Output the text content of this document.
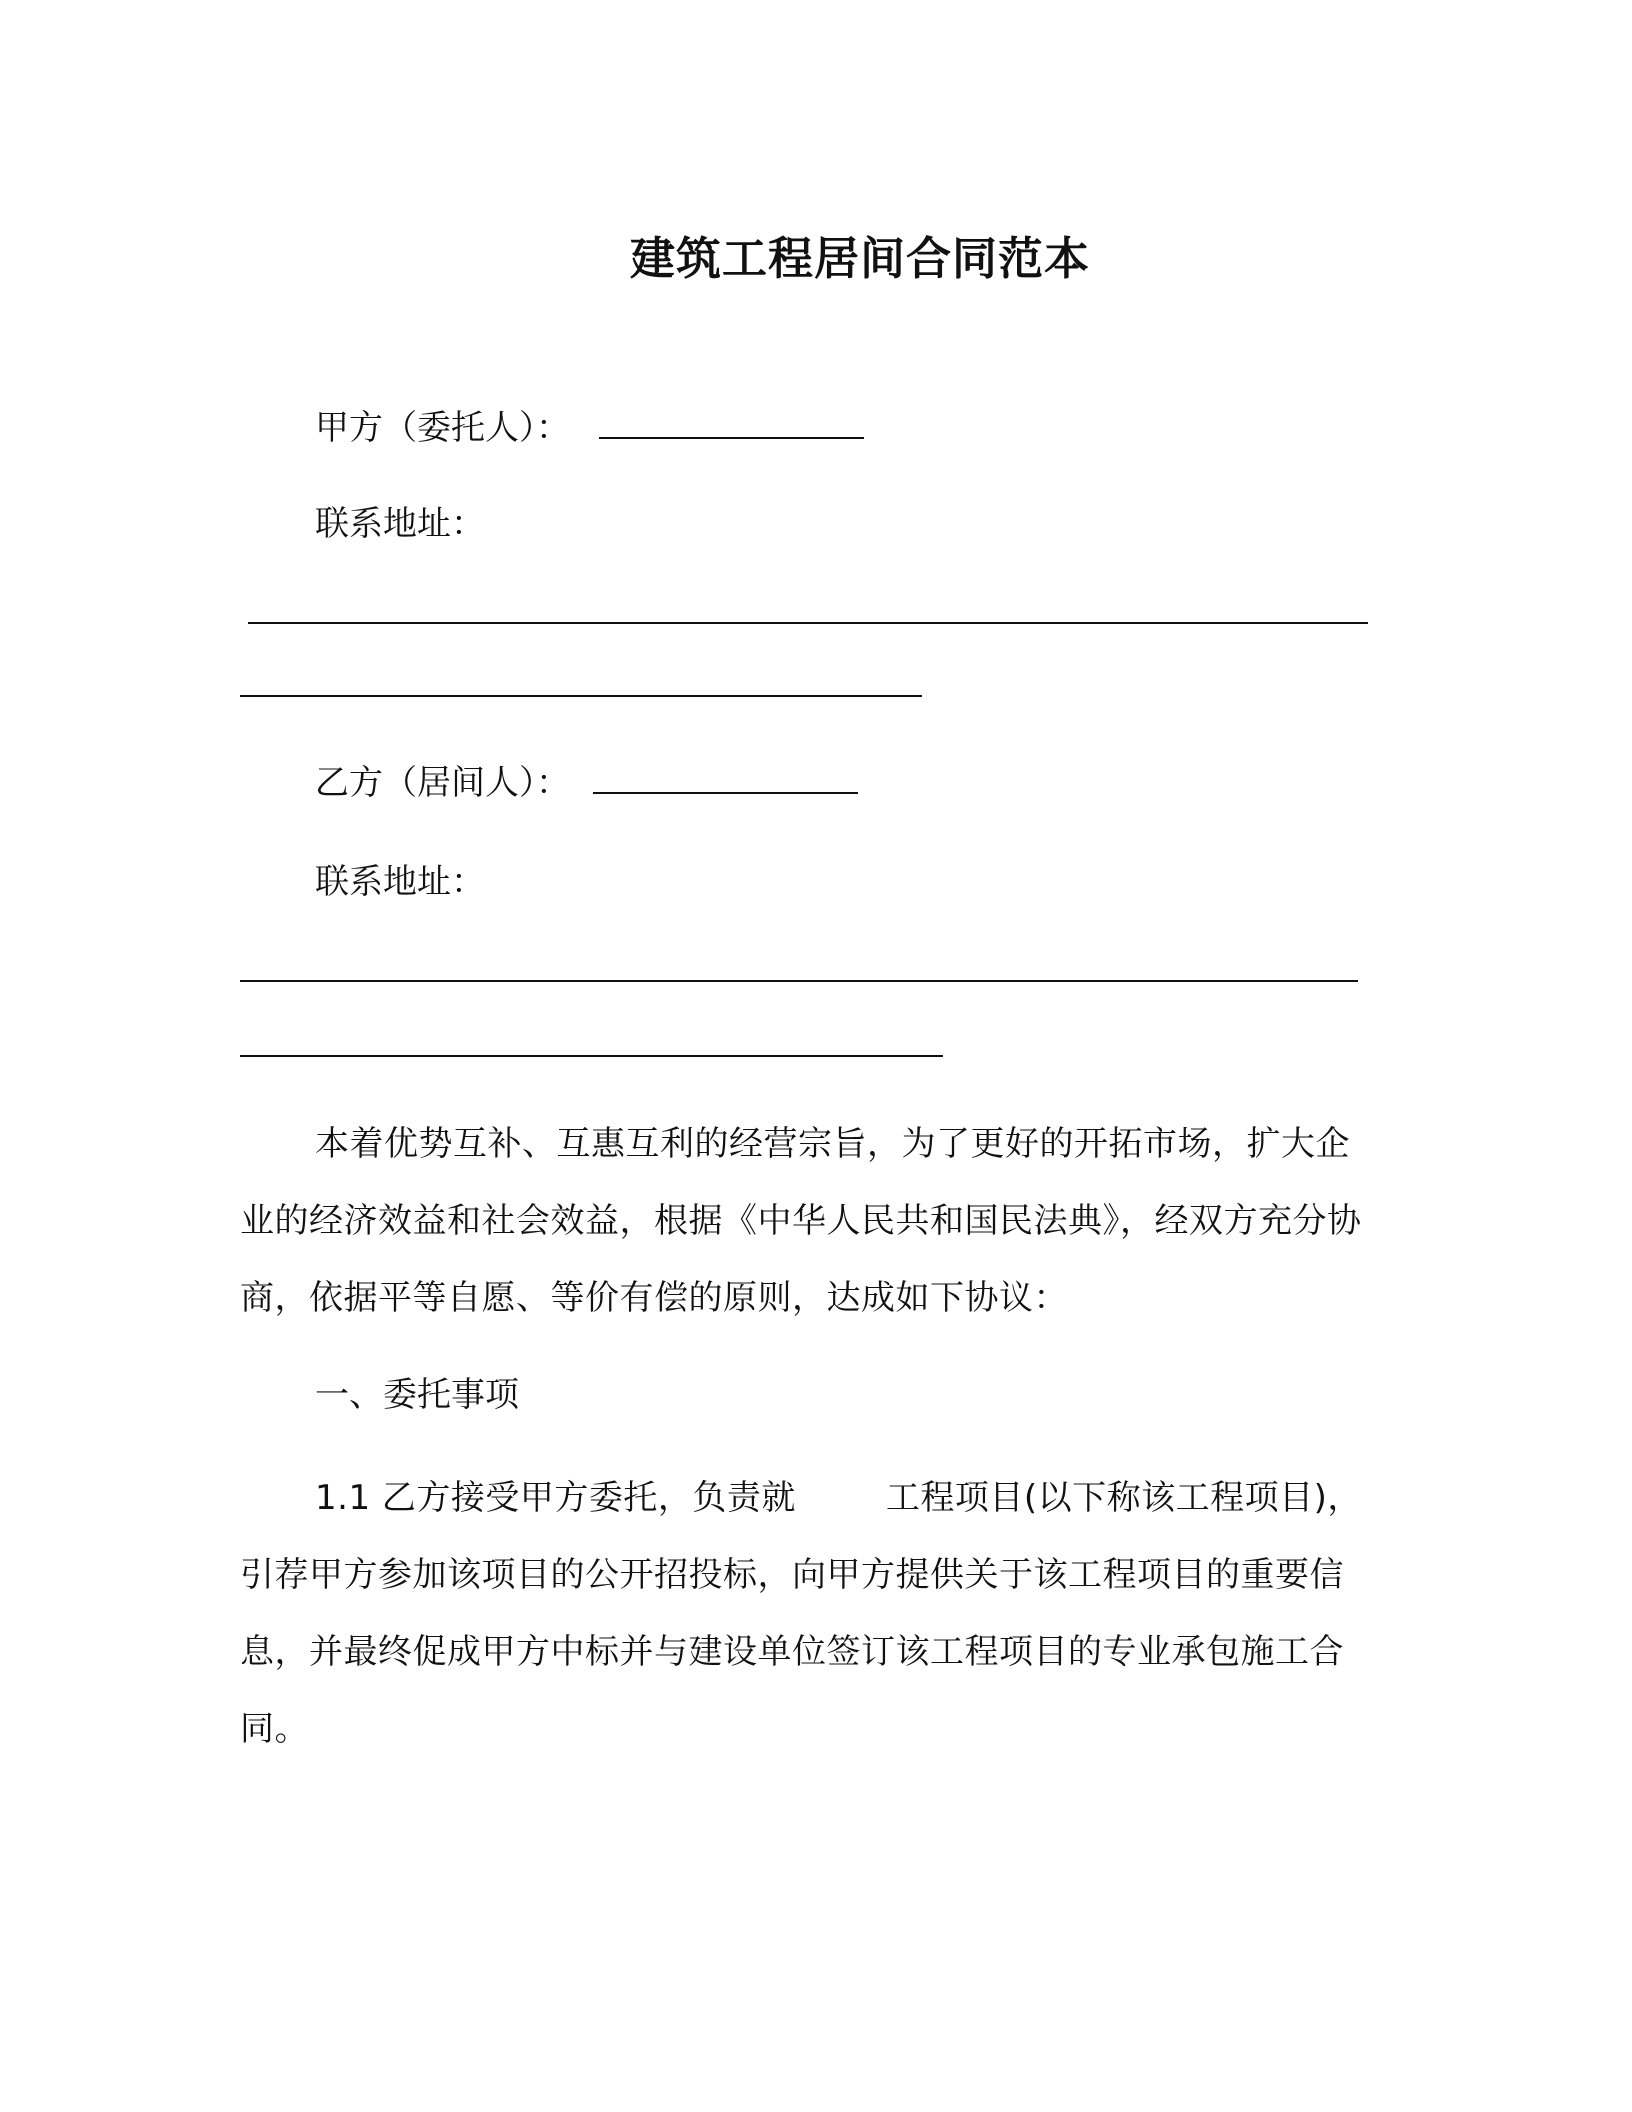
建筑工程居间合同范本
甲方（委托人）：
联系地址：
乙方（居间人）：
联系地址：
本着优势互补、互惠互利的经营宗旨，为了更好的开拓市场，扩大企业的经济效益和社会效益，根据《中华人民共和国民法典》，经双方充分协商，依据平等自愿、等价有偿的原则，达成如下协议：
一、委托事项
1.1 乙方接受甲方委托，负责就	工程项目(以下称该工程项目)，引荐甲方参加该项目的公开招投标，向甲方提供关于该工程项目的重要信息，并最终促成甲方中标并与建设单位签订该工程项目的专业承包施工合同。
